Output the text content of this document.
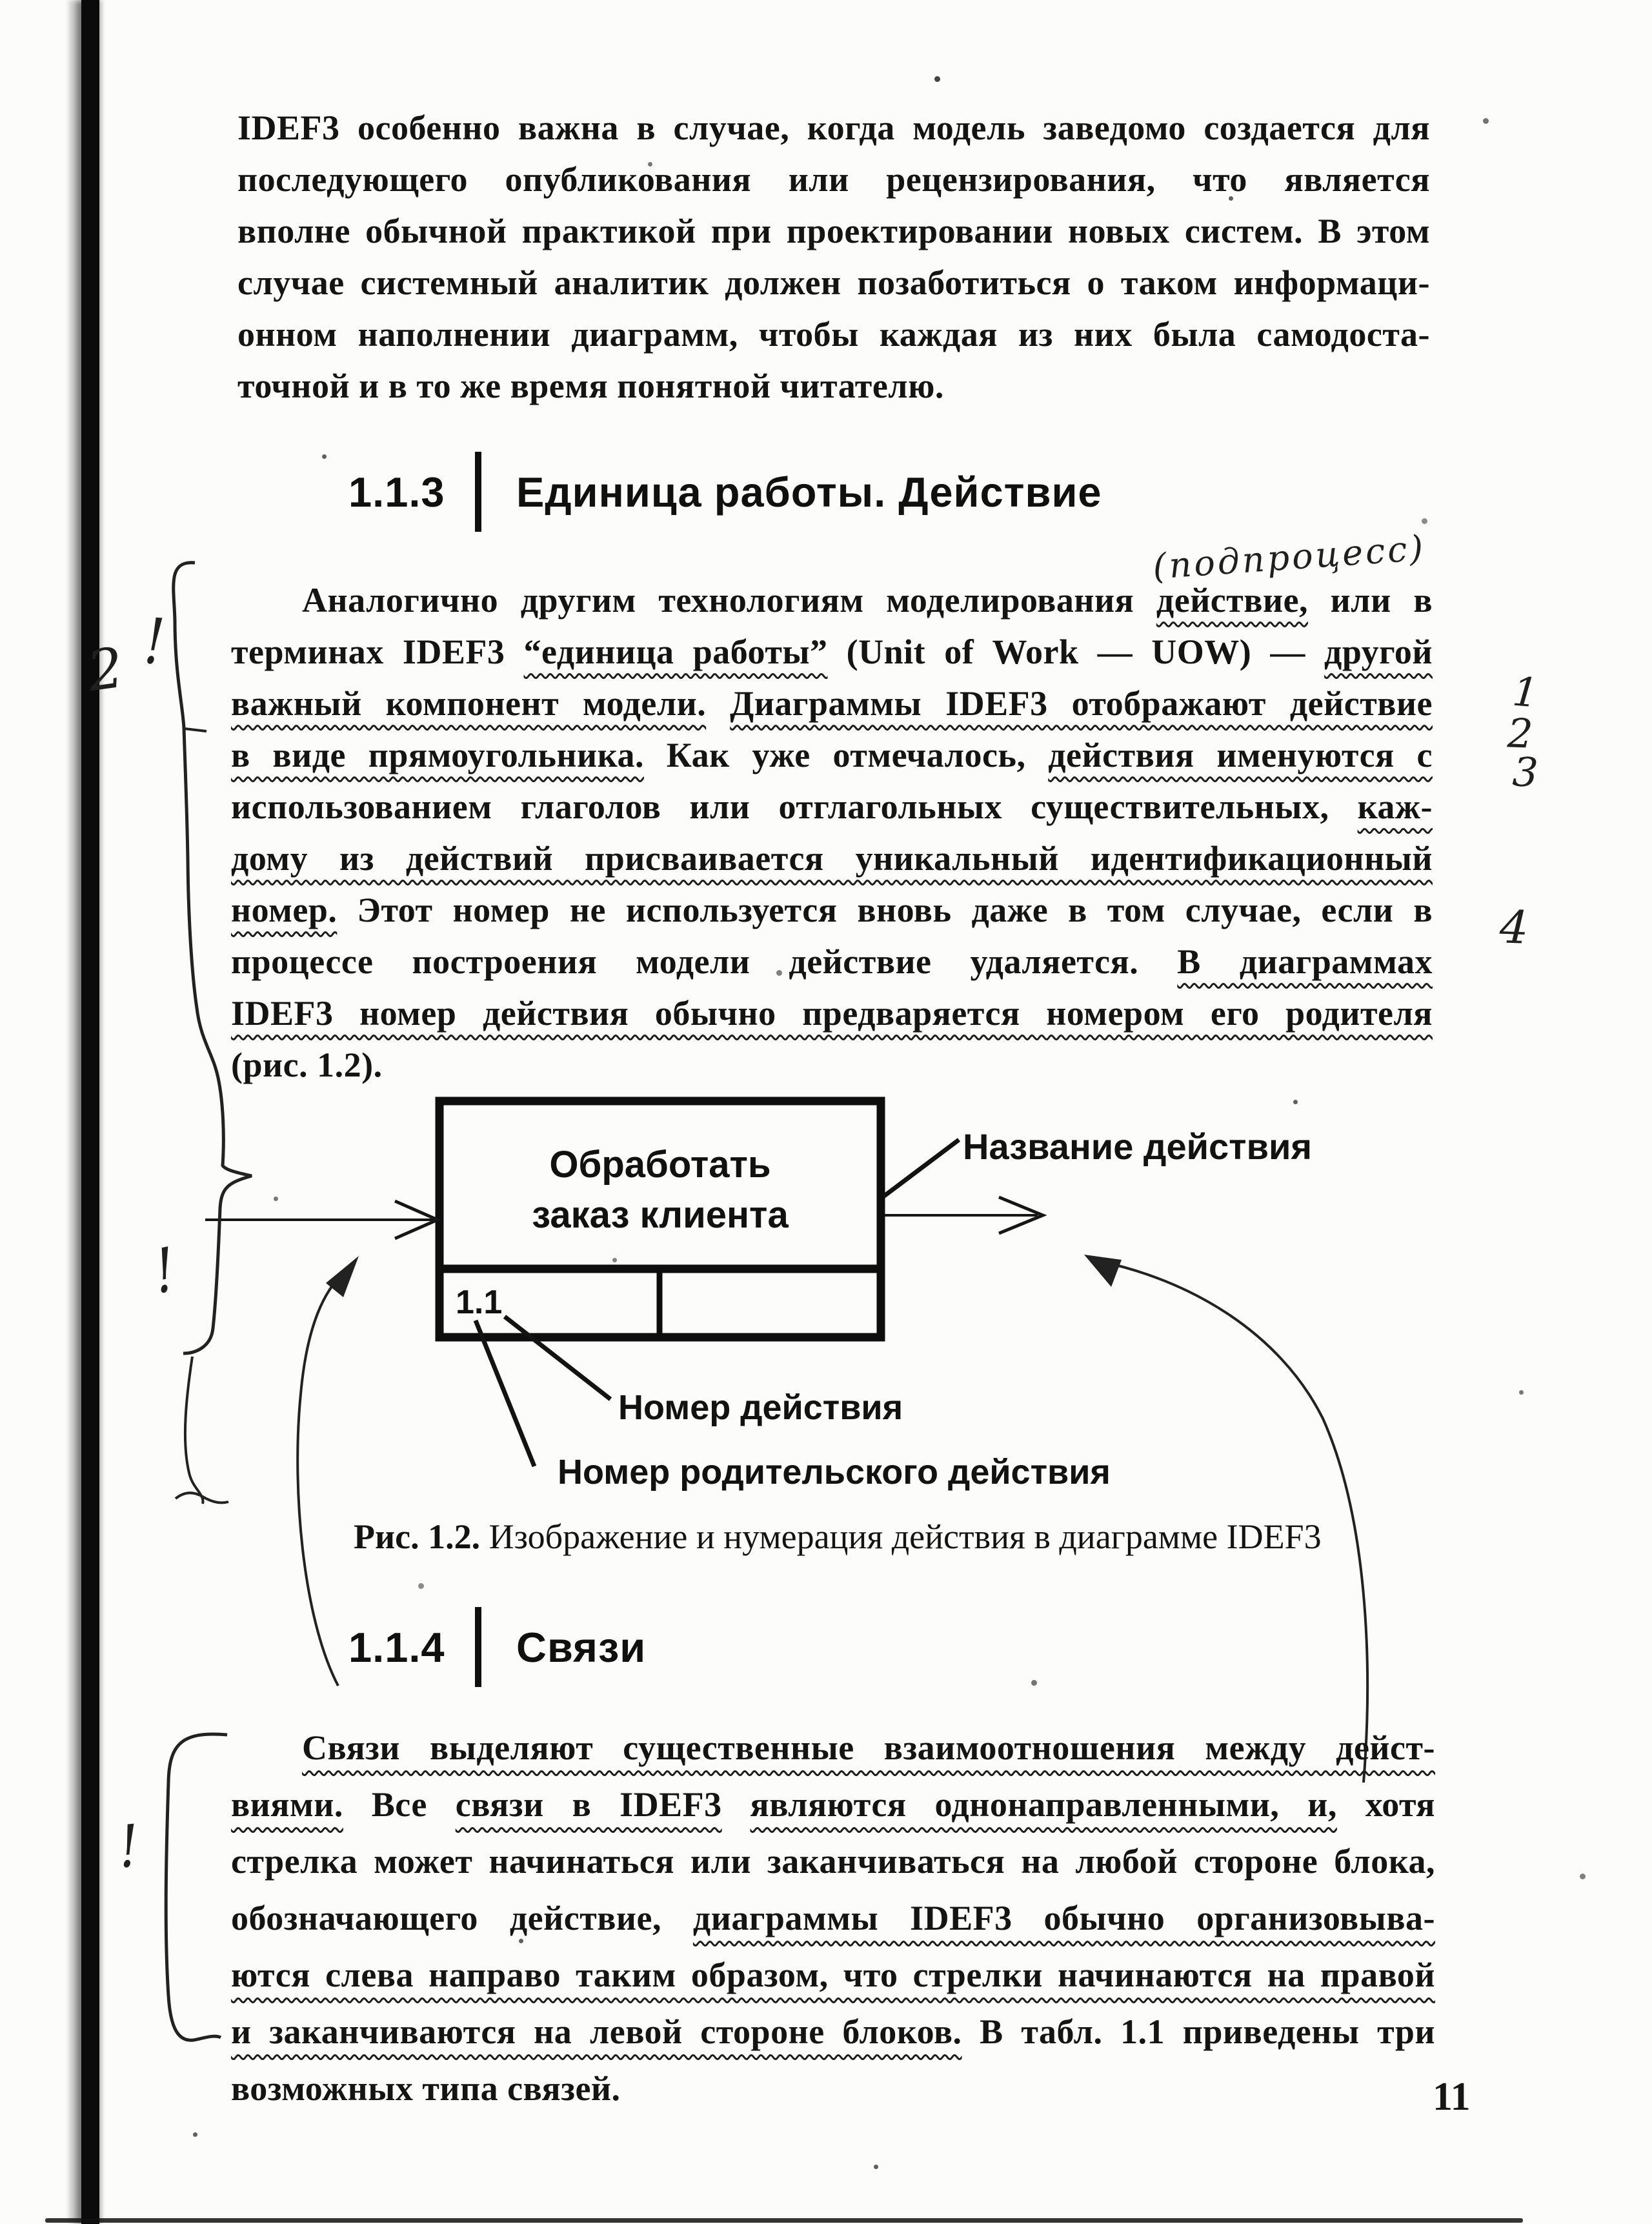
IDEF3 особенно важна в случае, когда модель заведомо создается для
последующего опубликования или рецензирования, что является
вполне обычной практикой при проектировании новых систем. В этом
случае системный аналитик должен позаботиться о таком информаци-
онном наполнении диаграмм, чтобы каждая из них была самодоста-
точной и в то же время понятной читателю.
1.1.3	Единица работы. Действие
(подпроцесс)
Аналогично другим технологиям моделирования действие, или в
терминах IDEF3 “единица работы” (Unit of Work — UOW) — другой
важный компонент модели. Диаграммы IDEF3 отображают действие
в виде прямоугольника. Как уже отмечалось, действия именуются с
использованием глаголов или отглагольных существительных, каж-
дому из действий присваивается уникальный идентификационный
номер. Этот номер не используется вновь даже в том случае, если в
процессе построения модели действие удаляется. В диаграммах
IDEF3 номер действия обычно предваряется номером его родителя
(рис. 1.2).
2 !
!
!
1
2
3
4
Обработать
заказ клиента
1.1
Название действия
Номер действия
Номер родительского действия
Рис. 1.2. Изображение и нумерация действия в диаграмме IDEF3
1.1.4	Связи
Связи выделяют существенные взаимоотношения между дейст-
виями. Все связи в IDEF3 являются однонаправленными, и, хотя
стрелка может начинаться или заканчиваться на любой стороне блока,
обозначающего действие, диаграммы IDEF3 обычно организовыва-
ются слева направо таким образом, что стрелки начинаются на правой
и заканчиваются на левой стороне блоков. В табл. 1.1 приведены три
возможных типа связей.	11
